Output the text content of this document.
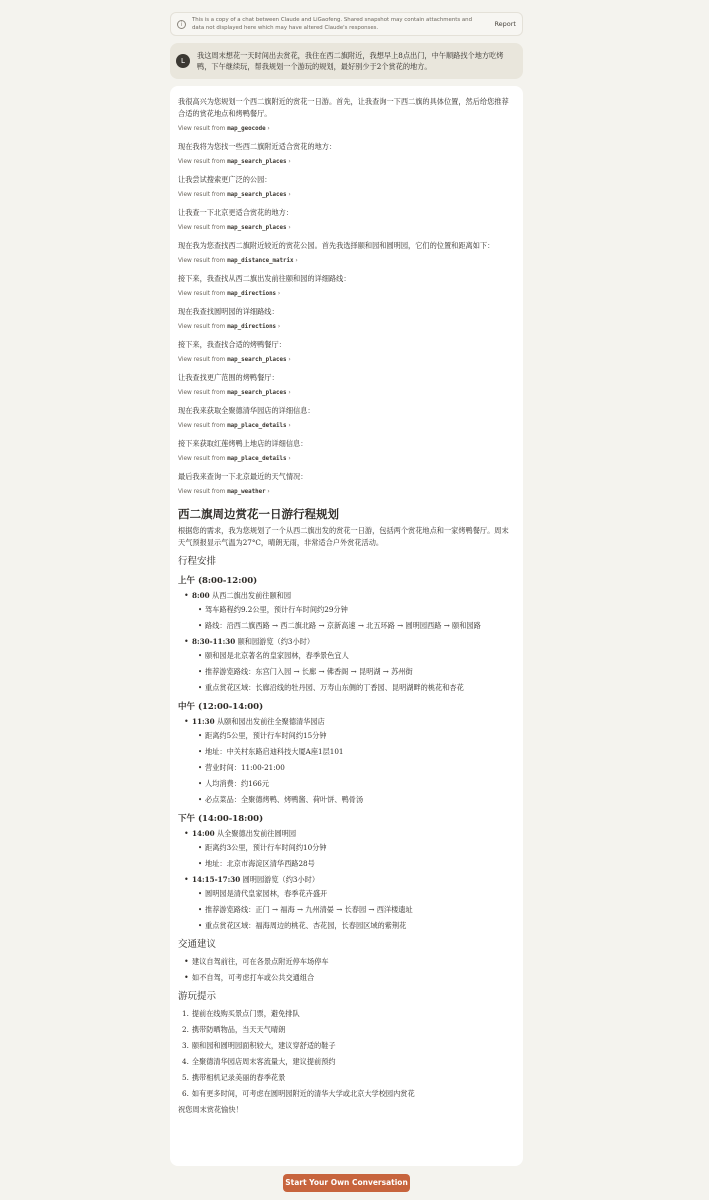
i
This is a copy of a chat between Claude and LiGaofeng. Shared snapshot may contain attachments and data not displayed here which may have altered Claude's responses.	Report
L
我这周末想花一天时间出去赏花，我住在西二旗附近，我想早上8点出门，中午顺路找个地方吃烤鸭，下午继续玩，帮我规划一个游玩的规划，最好别少于2个赏花的地方。

我很高兴为您规划一个西二旗附近的赏花一日游。首先，让我查询一下西二旗的具体位置，然后给您推荐合适的赏花地点和烤鸭餐厅。

View result from map_geocode ›

现在我将为您找一些西二旗附近适合赏花的地方：

View result from map_search_places ›

让我尝试搜索更广泛的公园：

View result from map_search_places ›

让我查一下北京更适合赏花的地方：

View result from map_search_places ›

现在我为您查找西二旗附近较近的赏花公园。首先我选择颐和园和圆明园，它们的位置和距离如下：

View result from map_distance_matrix ›

接下来，我查找从西二旗出发前往颐和园的详细路线：

View result from map_directions ›

现在我查找圆明园的详细路线：

View result from map_directions ›

接下来，我查找合适的烤鸭餐厅：

View result from map_search_places ›

让我查找更广范围的烤鸭餐厅：

View result from map_search_places ›

现在我来获取全聚德清华园店的详细信息：

View result from map_place_details ›

接下来获取红莲烤鸭上地店的详细信息：

View result from map_place_details ›

最后我来查询一下北京最近的天气情况：

View result from map_weather ›
西二旗周边赏花一日游行程规划

根据您的需求，我为您规划了一个从西二旗出发的赏花一日游，包括两个赏花地点和一家烤鸭餐厅。周末天气预报显示气温为27°C，晴朗无雨，非常适合户外赏花活动。

行程安排
上午 (8:00-12:00)
• 8:00 从西二旗出发前往颐和园
• 驾车路程约9.2公里，预计行车时间约29分钟
• 路线：沿西二旗西路 → 西二旗北路 → 京新高速 → 北五环路 → 圆明园西路 → 颐和园路
• 8:30-11:30 颐和园游览（约3小时）
• 颐和园是北京著名的皇家园林，春季景色宜人
• 推荐游览路线：东宫门入园 → 长廊 → 佛香阁 → 昆明湖 → 苏州街
• 重点赏花区域：长廊沿线的牡丹园、万寿山东侧的丁香园、昆明湖畔的桃花和杏花
中午 (12:00-14:00)
• 11:30 从颐和园出发前往全聚德清华园店
• 距离约5公里，预计行车时间约15分钟
• 地址：中关村东路启迪科技大厦A座1层101
• 营业时间：11:00-21:00
• 人均消费：约166元
• 必点菜品：全聚德烤鸭、烤鸭酱、荷叶饼、鸭骨汤
下午 (14:00-18:00)
• 14:00 从全聚德出发前往圆明园
• 距离约3公里，预计行车时间约10分钟
• 地址：北京市海淀区清华西路28号
• 14:15-17:30 圆明园游览（约3小时）
• 圆明园是清代皇家园林，春季花卉盛开
• 推荐游览路线：正门 → 福海 → 九州清晏 → 长春园 → 西洋楼遗址
• 重点赏花区域：福海周边的桃花、杏花园，长春园区域的紫荆花
交通建议
• 建议自驾前往，可在各景点附近停车场停车
• 如不自驾，可考虑打车或公共交通组合
游玩提示
1. 提前在线购买景点门票，避免排队
2. 携带防晒物品，当天天气晴朗
3. 颐和园和圆明园面积较大，建议穿舒适的鞋子
4. 全聚德清华园店周末客流量大，建议提前预约
5. 携带相机记录美丽的春季花景
6. 如有更多时间，可考虑在圆明园附近的清华大学或北京大学校园内赏花

祝您周末赏花愉快！

Start Your Own Conversation
